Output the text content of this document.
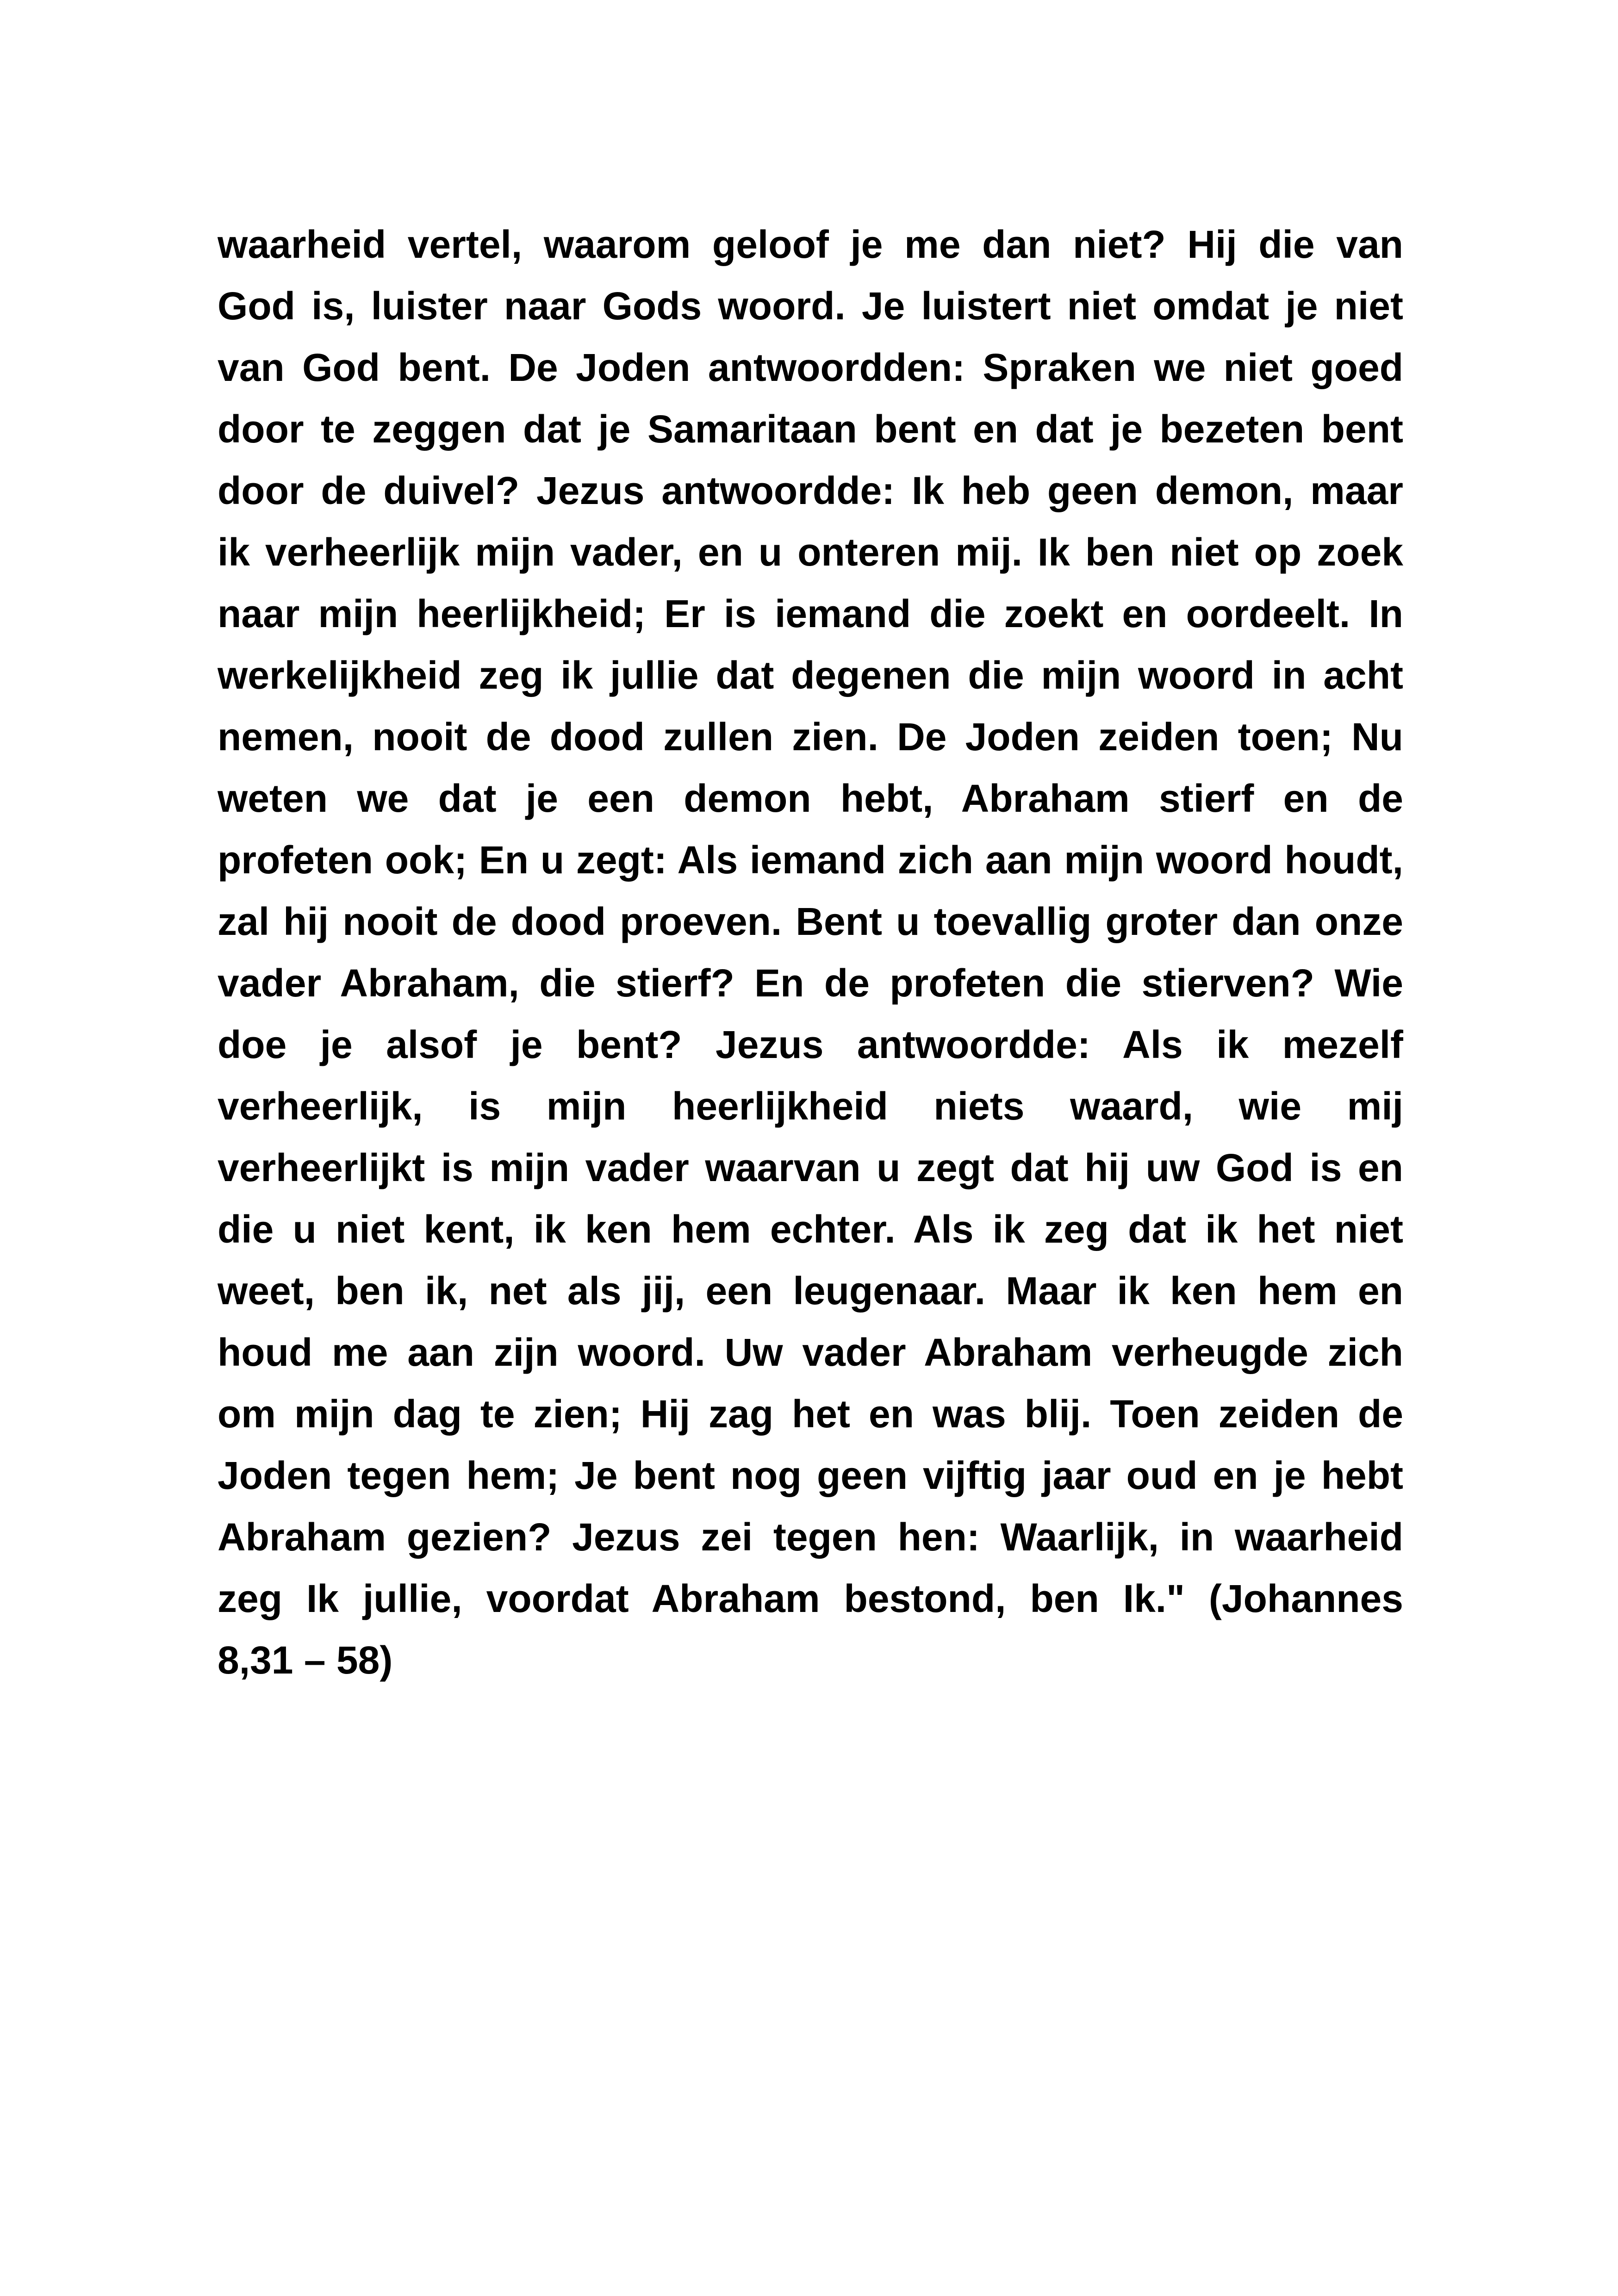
waarheid vertel, waarom geloof je me dan niet? Hij die van
God is, luister naar Gods woord. Je luistert niet omdat je niet
van God bent. De Joden antwoordden: Spraken we niet goed
door te zeggen dat je Samaritaan bent en dat je bezeten bent
door de duivel? Jezus antwoordde: Ik heb geen demon, maar
ik verheerlijk mijn vader, en u onteren mij. Ik ben niet op zoek
naar mijn heerlijkheid; Er is iemand die zoekt en oordeelt. In
werkelijkheid zeg ik jullie dat degenen die mijn woord in acht
nemen, nooit de dood zullen zien. De Joden zeiden toen; Nu
weten we dat je een demon hebt, Abraham stierf en de
profeten ook; En u zegt: Als iemand zich aan mijn woord houdt,
zal hij nooit de dood proeven. Bent u toevallig groter dan onze
vader Abraham, die stierf? En de profeten die stierven? Wie
doe je alsof je bent? Jezus antwoordde: Als ik mezelf
verheerlijk, is mijn heerlijkheid niets waard, wie mij
verheerlijkt is mijn vader waarvan u zegt dat hij uw God is en
die u niet kent, ik ken hem echter. Als ik zeg dat ik het niet
weet, ben ik, net als jij, een leugenaar. Maar ik ken hem en
houd me aan zijn woord. Uw vader Abraham verheugde zich
om mijn dag te zien; Hij zag het en was blij. Toen zeiden de
Joden tegen hem; Je bent nog geen vijftig jaar oud en je hebt
Abraham gezien? Jezus zei tegen hen: Waarlijk, in waarheid
zeg Ik jullie, voordat Abraham bestond, ben Ik." (Johannes
8,31 – 58)
